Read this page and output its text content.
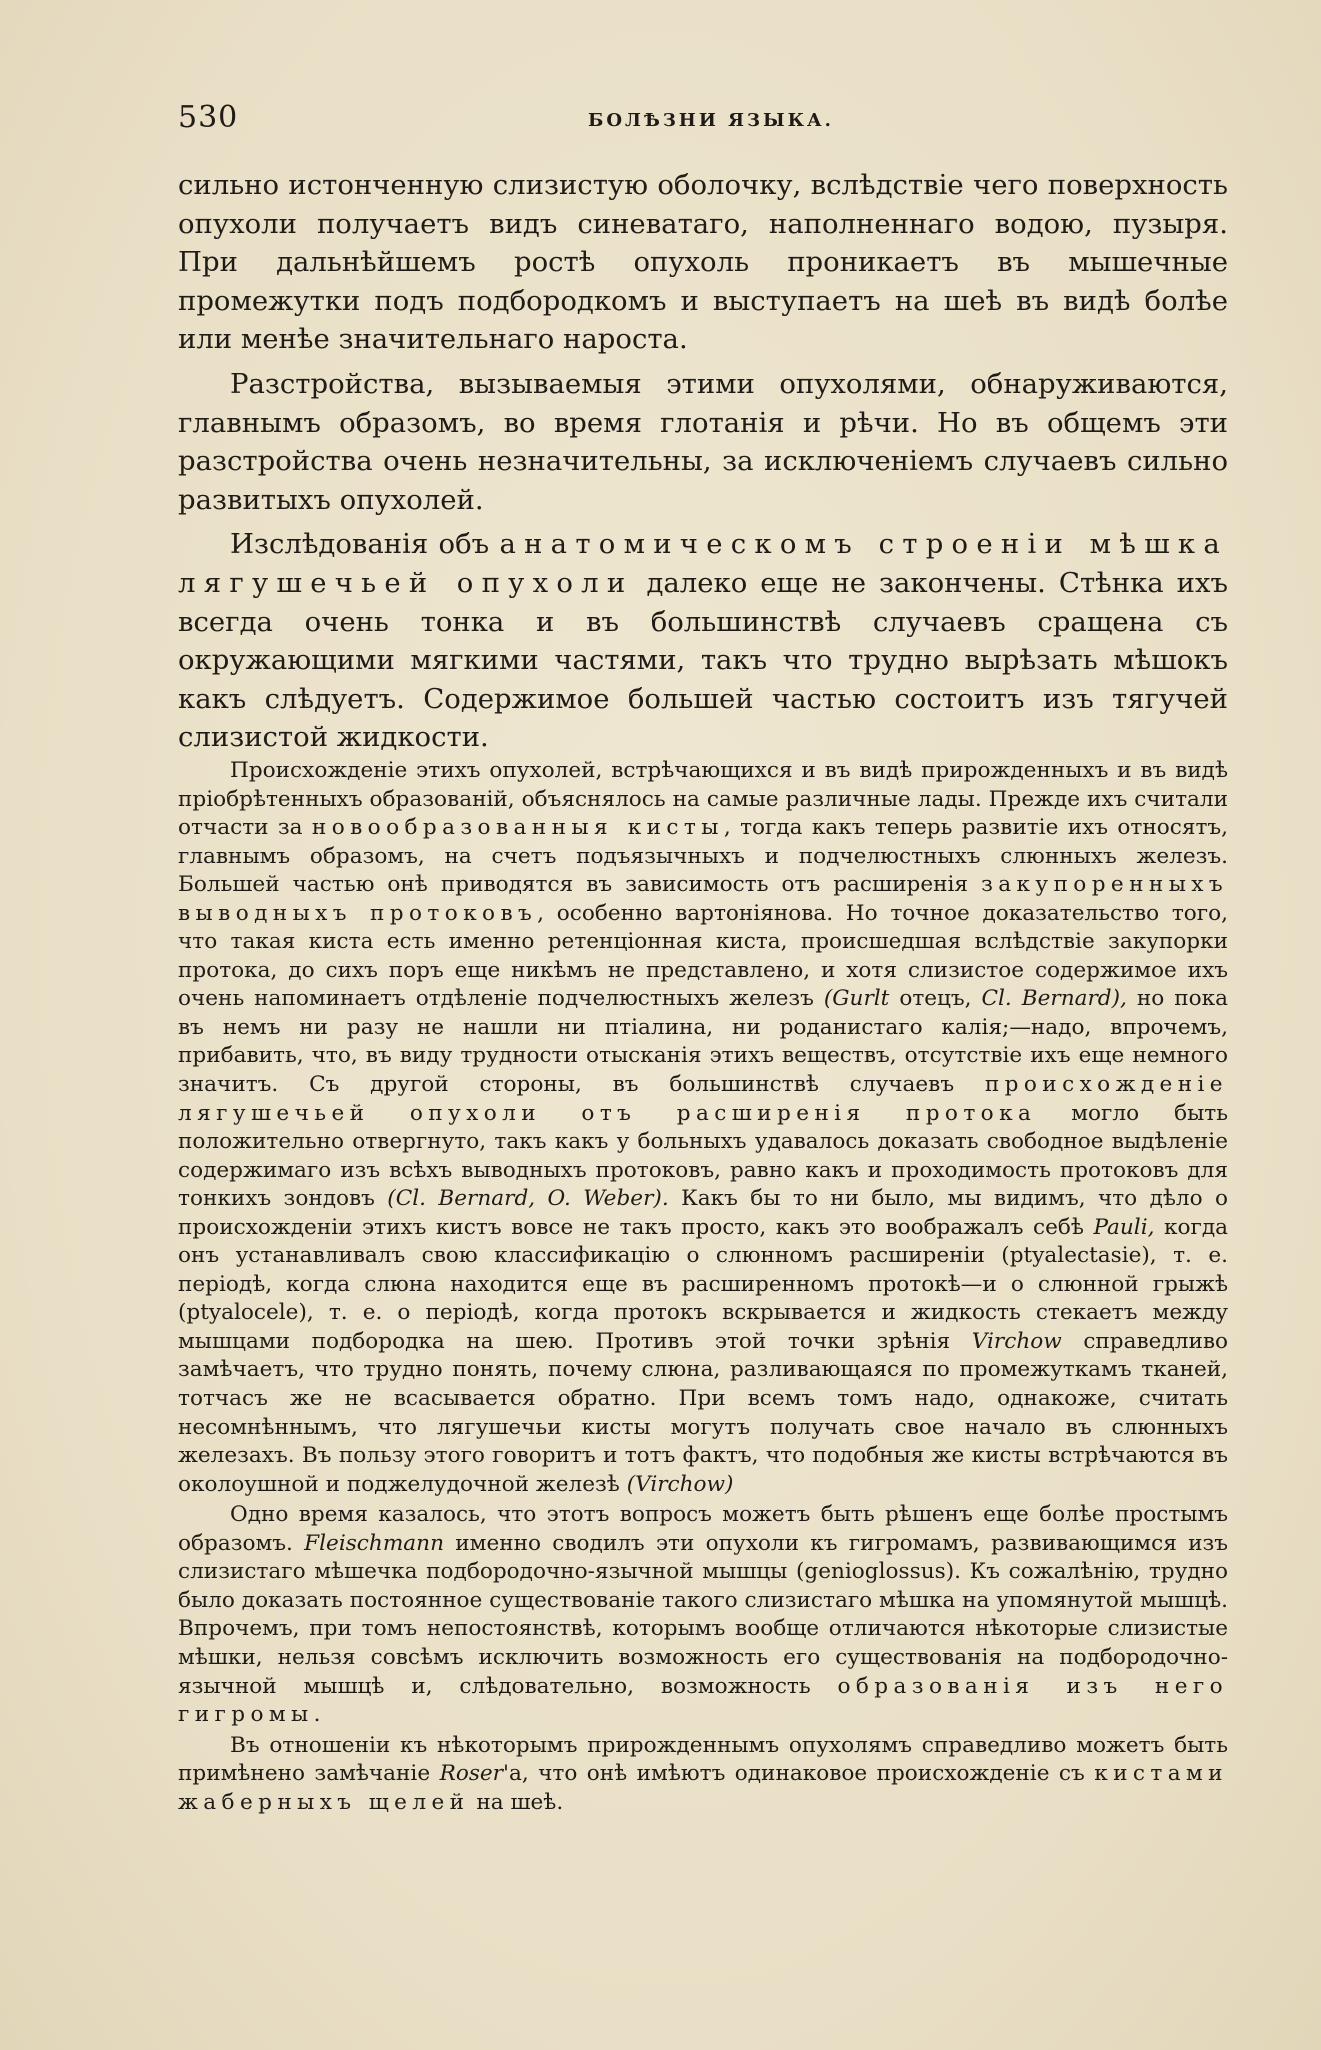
530	БОЛѢЗНИ ЯЗЫКА.

сильно истонченную слизистую оболочку, вслѣдствіе чего поверхность опухоли получаетъ видъ синеватаго, наполненнаго водою, пузыря. При дальнѣйшемъ ростѣ опухоль проникаетъ въ мышечные промежутки подъ подбородкомъ и выступаетъ на шеѣ въ видѣ болѣе или менѣе значительнаго нароста.

Разстройства, вызываемыя этими опухолями, обнаруживаются, главнымъ образомъ, во время глотанія и рѣчи. Но въ общемъ эти разстройства очень незначительны, за исключеніемъ случаевъ сильно развитыхъ опухолей.

Изслѣдованія объ анатомическомъ строеніи мѣшка лягушечьей опухоли далеко еще не закончены. Стѣнка ихъ всегда очень тонка и въ большинствѣ случаевъ сращена съ окружающими мягкими частями, такъ что трудно вырѣзать мѣшокъ какъ слѣдуетъ. Содержимое большей частью состоитъ изъ тягучей слизистой жидкости.

Происхожденіе этихъ опухолей, встрѣчающихся и въ видѣ прирожденныхъ и въ видѣ пріобрѣтенныхъ образованій, объяснялось на самые различные лады. Прежде ихъ считали отчасти за новообразованныя кисты, тогда какъ теперь развитіе ихъ относятъ, главнымъ образомъ, на счетъ подъязычныхъ и подчелюстныхъ слюнныхъ железъ. Большей частью онѣ приводятся въ зависимость отъ расширенія закупоренныхъ выводныхъ протоковъ, особенно вартоніянова. Но точное доказательство того, что такая киста есть именно ретенціонная киста, происшедшая вслѣдствіе закупорки протока, до сихъ поръ еще никѣмъ не представлено, и хотя слизистое содержимое ихъ очень напоминаетъ отдѣленіе подчелюстныхъ железъ (Gurlt отецъ, Cl. Bernard), но пока въ немъ ни разу не нашли ни птіалина, ни роданистаго калія;—надо, впрочемъ, прибавить, что, въ виду трудности отысканія этихъ веществъ, отсутствіе ихъ еще немного значитъ. Съ другой стороны, въ большинствѣ случаевъ происхожденіе лягушечьей опухоли отъ расширенія протока могло быть положительно отвергнуто, такъ какъ у больныхъ удавалось доказать свободное выдѣленіе содержимаго изъ всѣхъ выводныхъ протоковъ, равно какъ и проходимость протоковъ для тонкихъ зондовъ (Cl. Bernard, O. Weber). Какъ бы то ни было, мы видимъ, что дѣло о происхожденіи этихъ кистъ вовсе не такъ просто, какъ это воображалъ себѣ Pauli, когда онъ устанавливалъ свою классификацію о слюнномъ расширеніи (ptyalectasie), т. е. періодѣ, когда слюна находится еще въ расширенномъ протокѣ—и о слюнной грыжѣ (ptyalocele), т. е. o періодѣ, когда протокъ вскрывается и жидкость стекаетъ между мышцами подбородка на шею. Противъ этой точки зрѣнія Virchow справедливо замѣчаетъ, что трудно понять, почему слюна, разливающаяся по промежуткамъ тканей, тотчасъ же не всасывается обратно. При всемъ томъ надо, однакоже, считать несомнѣннымъ, что лягушечьи кисты могутъ получать свое начало въ слюнныхъ железахъ. Въ пользу этого говоритъ и тотъ фактъ, что подобныя же кисты встрѣчаются въ околоушной и поджелудочной железѣ (Virchow)

Одно время казалось, что этотъ вопросъ можетъ быть рѣшенъ еще болѣе простымъ образомъ. Fleischmann именно сводилъ эти опухоли къ гигромамъ, развивающимся изъ слизистаго мѣшечка подбородочно-язычной мышцы (genioglossus). Къ сожалѣнію, трудно было доказать постоянное существованіе такого слизистаго мѣшка на упомянутой мышцѣ. Впрочемъ, при томъ непостоянствѣ, которымъ вообще отличаются нѣкоторые слизистые мѣшки, нельзя совсѣмъ исключить возможность его существованія на подбородочно-язычной мышцѣ и, слѣдовательно, возможность образованія изъ него гигромы.

Въ отношеніи къ нѣкоторымъ прирожденнымъ опухолямъ справедливо можетъ быть примѣнено замѣчаніе Roser'а, что онѣ имѣютъ одинаковое происхожденіе съ кистами жаберныхъ щелей на шеѣ.
